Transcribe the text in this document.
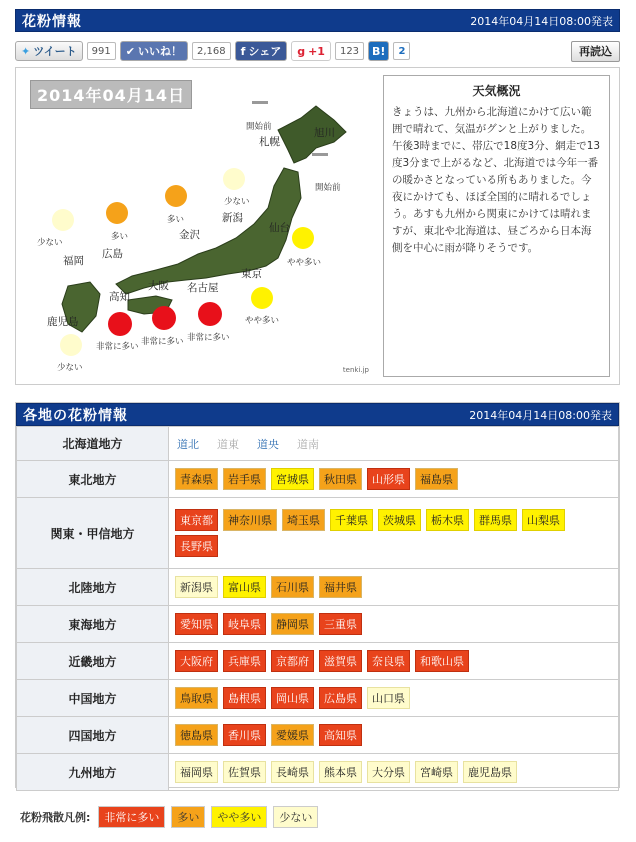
花粉情報	2014年04月14日08:00発表
✦ ツイート	991	✔ いいね！	2,168	f シェア g +1	123	B!	2	再読込
2014年04月14日
旭川
札幌
仙台
新潟
金沢
東京
名古屋
大阪
広島
福岡
高知
鹿児島
開始前
開始前
少ない
多い
多い
少ない
やや多い
やや多い
非常に多い 非常に多い 非常に多い
少ない	tenki.jp
天気概況

きょうは、九州から北海道にかけて広い範囲で晴れて、気温がグンと上がりました。午後3時までに、帯広で18度3分、網走で13度3分まで上がるなど、北海道では今年一番の暖かさとなっている所もありました。今夜にかけても、ほぼ全国的に晴れるでしょう。あすも九州から関東にかけては晴れますが、東北や北海道は、昼ごろから日本海側を中心に雨が降りそうです。

各地の花粉情報	2014年04月14日08:00発表
北海道地方	道北 道東 道央 道南
東北地方	青森県 岩手県 宮城県 秋田県 山形県 福島県
関東・甲信地方	東京都 神奈川県 埼玉県 千葉県 茨城県 栃木県 群馬県 山梨県長野県
北陸地方	新潟県 富山県 石川県 福井県
東海地方	愛知県 岐阜県 静岡県 三重県
近畿地方	大阪府 兵庫県 京都府 滋賀県 奈良県 和歌山県
中国地方	鳥取県 島根県 岡山県 広島県 山口県
四国地方	徳島県 香川県 愛媛県 高知県
九州地方	福岡県 佐賀県 長崎県 熊本県 大分県 宮崎県 鹿児島県
花粉飛散凡例:	非常に多い	多い	やや多い	少ない
